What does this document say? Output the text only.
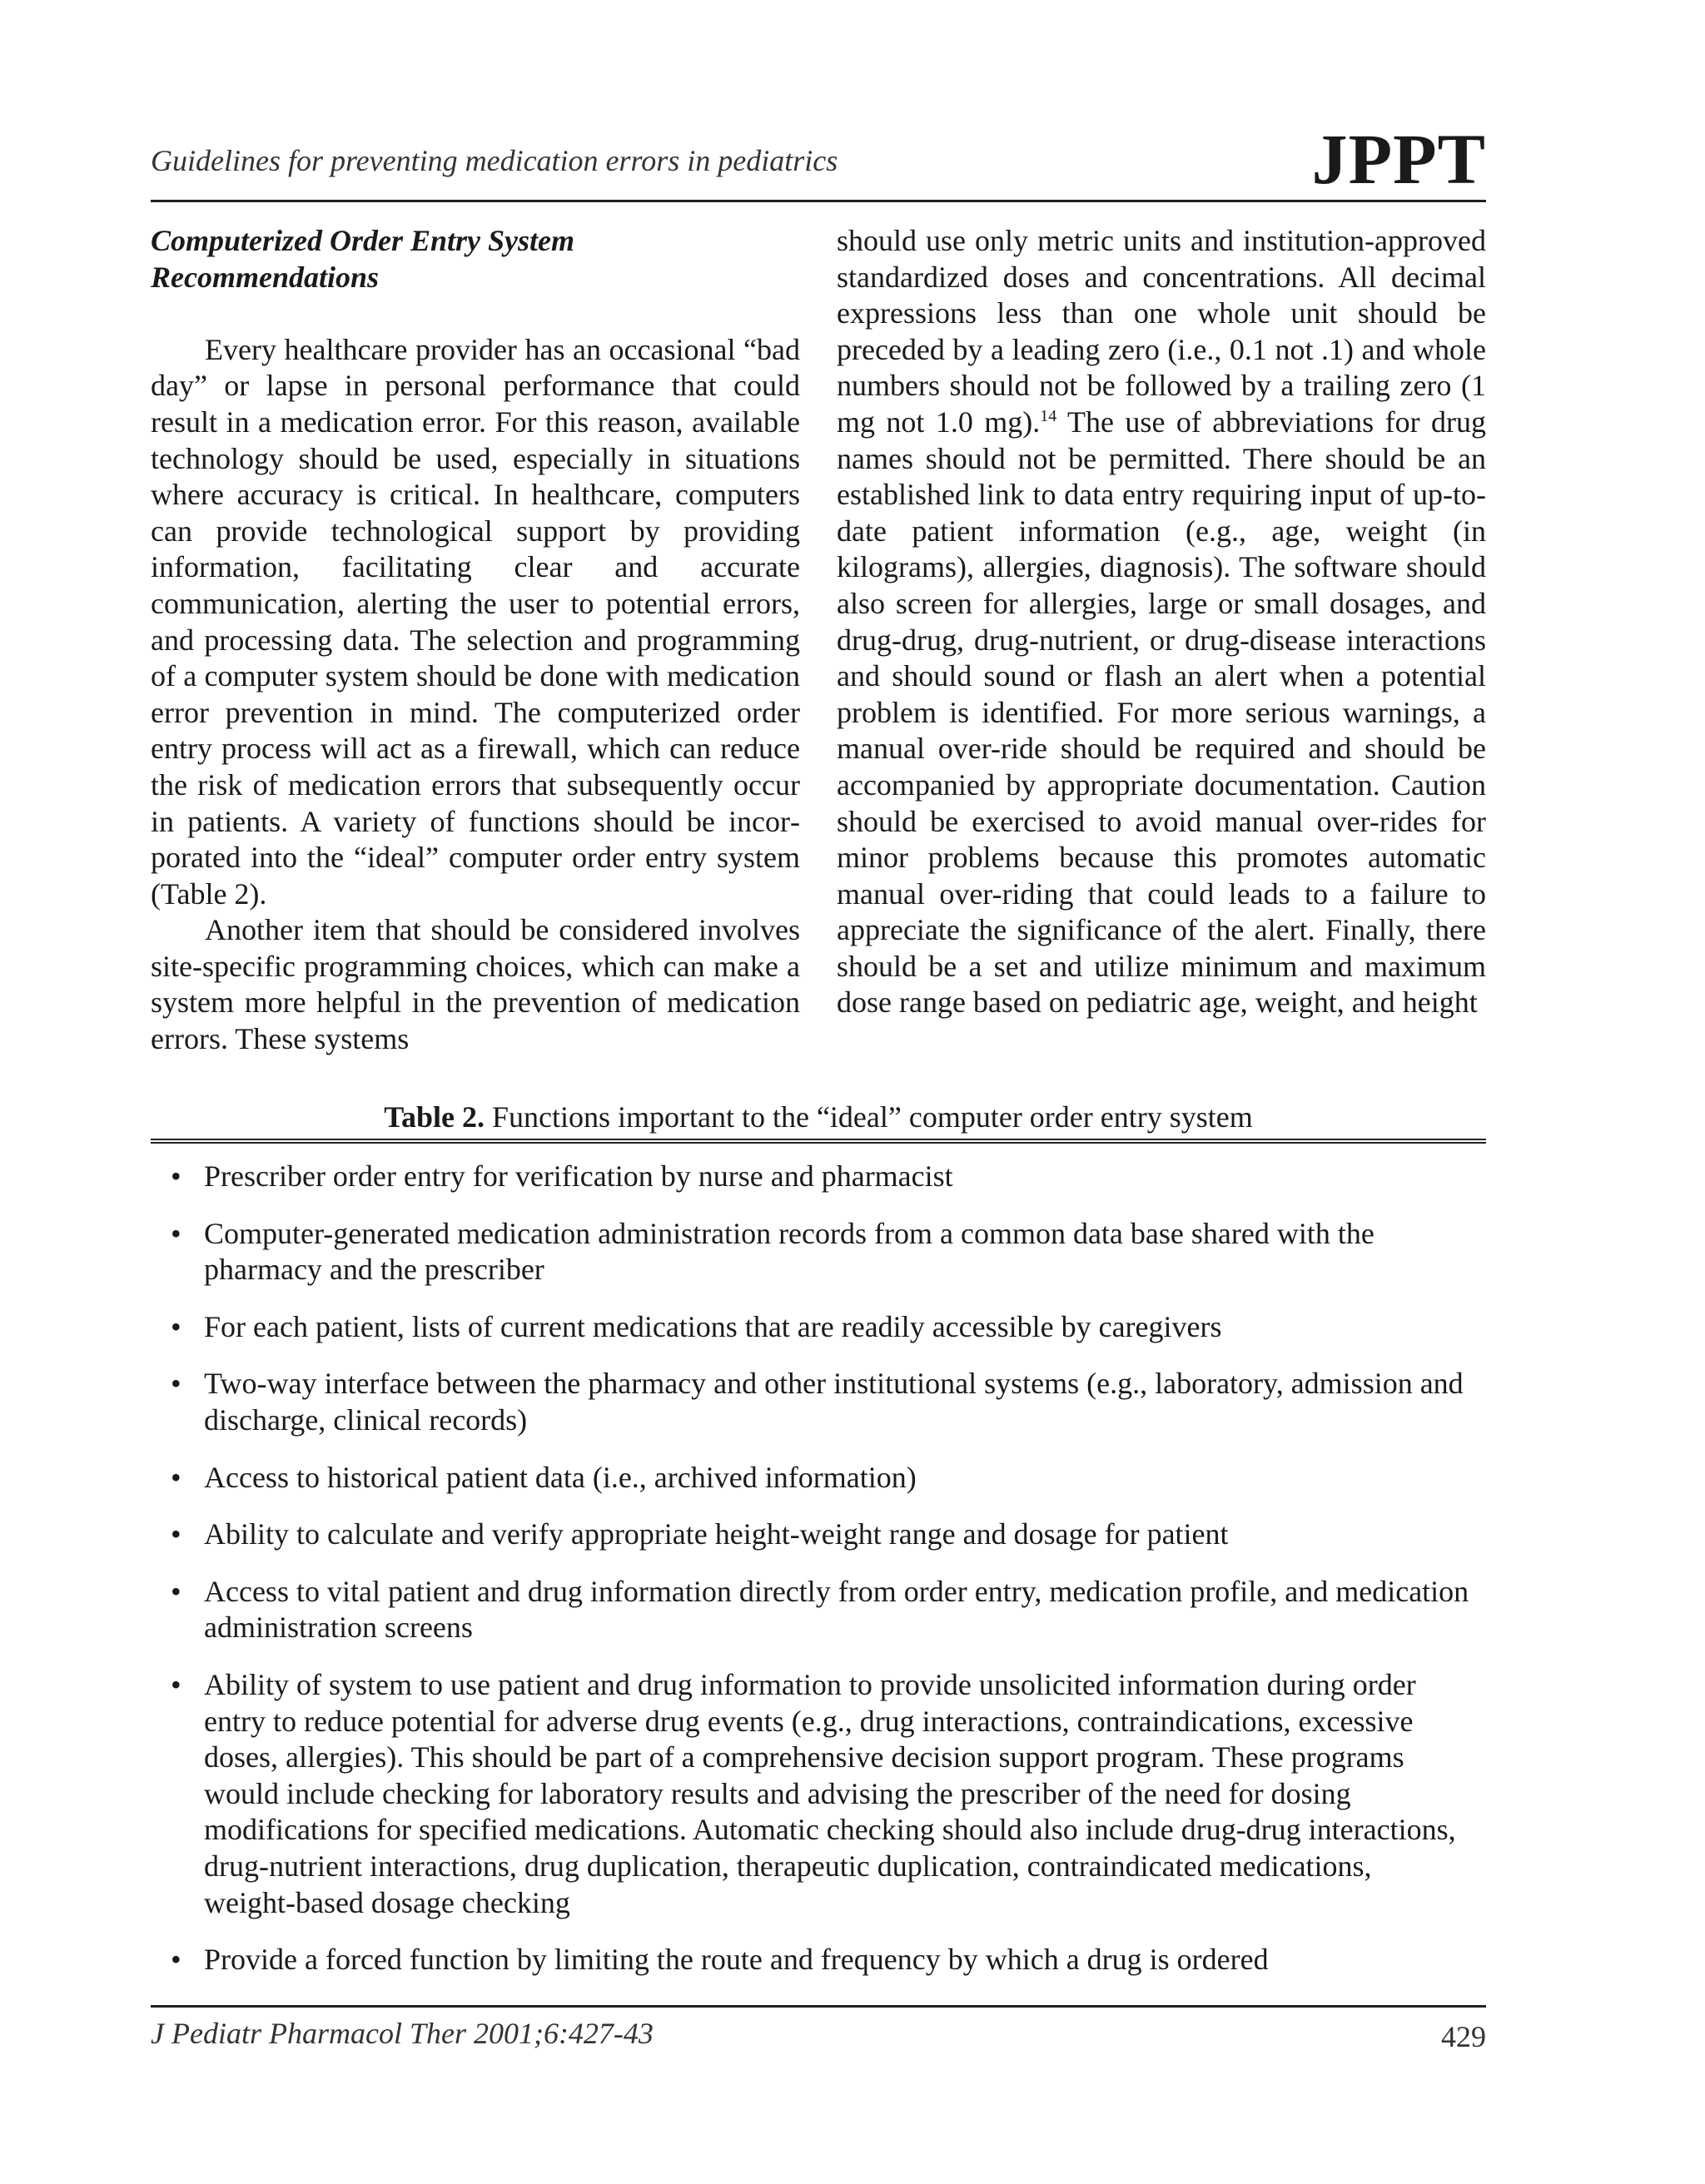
Guidelines for preventing medication errors in pediatrics	JPPT
Computerized Order Entry System
Recommendations

Every healthcare provider has an occasional “bad day” or lapse in personal performance that could result in a medication error. For this reason, available technology should be used, especially in situations where accuracy is critical. In healthcare, computers can provide technological support by providing information, facilitating clear and accurate communication, alerting the user to potential errors, and processing data. The selection and programming of a computer system should be done with medication error prevention in mind. The computerized order entry process will act as a firewall, which can reduce the risk of medication errors that subsequently occur in patients. A variety of functions should be incorporated into the “ideal” computer order entry system (Table 2).

Another item that should be considered involves site-specific programming choices, which can make a system more helpful in the prevention of medication errors. These systems

should use only metric units and institution-approved standardized doses and concentrations. All decimal expressions less than one whole unit should be preceded by a leading zero (i.e., 0.1 not .1) and whole numbers should not be followed by a trailing zero (1 mg not 1.0 mg).$^{14}$ The use of abbreviations for drug names should not be permitted. There should be an established link to data entry requiring input of up-to-date patient information (e.g., age, weight (in kilograms), allergies, diagnosis). The software should also screen for allergies, large or small dosages, and drug-drug, drug-nutrient, or drug-disease interactions and should sound or flash an alert when a potential problem is identified. For more serious warnings, a manual over-ride should be required and should be accompanied by appropriate documentation. Caution should be exercised to avoid manual over-rides for minor problems because this promotes automatic manual over-riding that could leads to a failure to appreciate the significance of the alert. Finally, there should be a set and utilize minimum and maximum dose range based on pediatric age, weight, and height

Table 2. Functions important to the “ideal” computer order entry system
• Prescriber order entry for verification by nurse and pharmacist
• Computer-generated medication administration records from a common data base shared with the pharmacy and the prescriber
• For each patient, lists of current medications that are readily accessible by caregivers
• Two-way interface between the pharmacy and other institutional systems (e.g., laboratory, admission and discharge, clinical records)
• Access to historical patient data (i.e., archived information)
• Ability to calculate and verify appropriate height-weight range and dosage for patient
• Access to vital patient and drug information directly from order entry, medication profile, and medication administration screens
• Ability of system to use patient and drug information to provide unsolicited information during order entry to reduce potential for adverse drug events (e.g., drug interactions, contraindications, excessive doses, allergies). This should be part of a comprehensive decision support program. These programs would include checking for laboratory results and advising the prescriber of the need for dosing modifications for specified medications. Automatic checking should also include drug-drug interactions, drug-nutrient interactions, drug duplication, therapeutic duplication, contraindicated medications, weight-based dosage checking
• Provide a forced function by limiting the route and frequency by which a drug is ordered
J Pediatr Pharmacol Ther 2001;6:427-43	429
